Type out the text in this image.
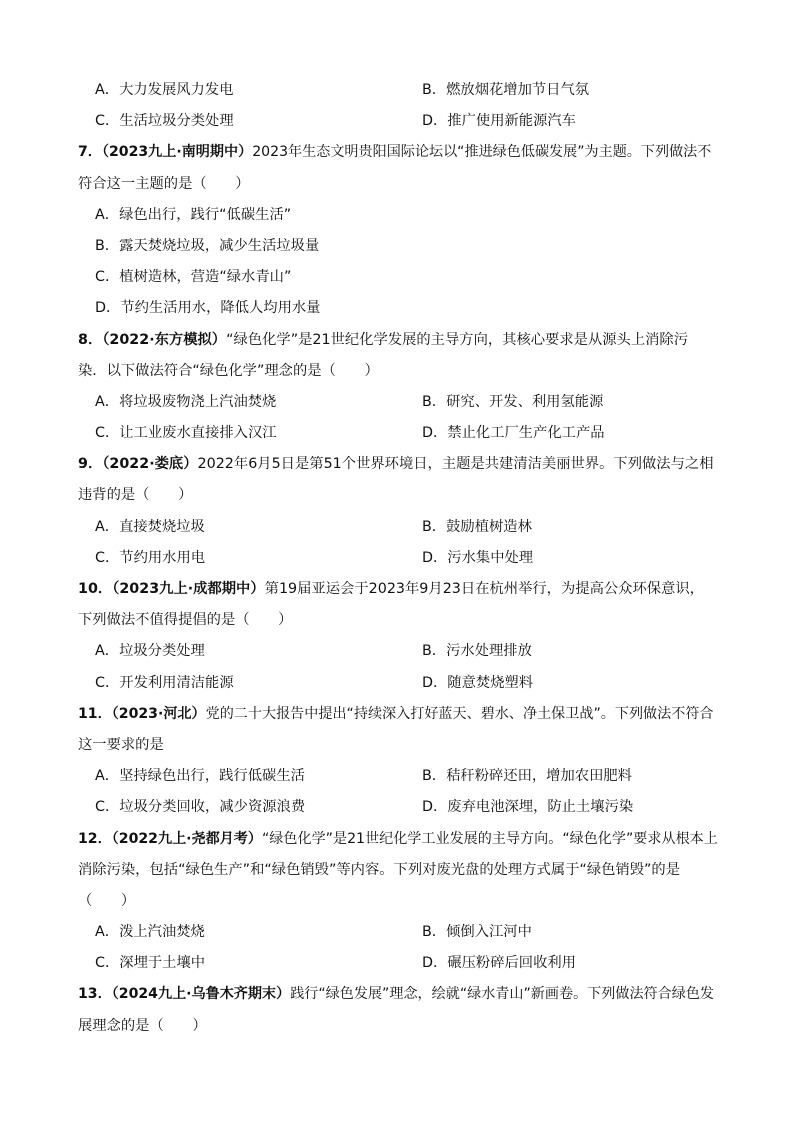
A．大力发展风力发电	B．燃放烟花增加节日气氛
C．生活垃圾分类处理	D．推广使用新能源汽车
7．（2023九上·南明期中）2023年生态文明贵阳国际论坛以“推进绿色低碳发展”为主题。下列做法不
符合这一主题的是（　　）
A．绿色出行，践行“低碳生活”
B．露天焚烧垃圾，减少生活垃圾量
C．植树造林，营造“绿水青山”
D．节约生活用水，降低人均用水量
8．（2022·东方模拟）“绿色化学”是21世纪化学发展的主导方向，其核心要求是从源头上消除污
染．以下做法符合“绿色化学”理念的是（　　）
A．将垃圾废物浇上汽油焚烧	B．研究、开发、利用氢能源
C．让工业废水直接排入汉江	D．禁止化工厂生产化工产品
9．（2022·娄底）2022年6月5日是第51个世界环境日，主题是共建清洁美丽世界。下列做法与之相
违背的是（　　）
A．直接焚烧垃圾	B．鼓励植树造林
C．节约用水用电	D．污水集中处理
10．（2023九上·成都期中）第19届亚运会于2023年9月23日在杭州举行，为提高公众环保意识，
下列做法不值得提倡的是（　　）
A．垃圾分类处理	B．污水处理排放
C．开发利用清洁能源	D．随意焚烧塑料
11．（2023·河北）党的二十大报告中提出“持续深入打好蓝天、碧水、净土保卫战”。下列做法不符合
这一要求的是
A．坚持绿色出行，践行低碳生活	B．秸秆粉碎还田，增加农田肥料
C．垃圾分类回收，减少资源浪费	D．废弃电池深埋，防止土壤污染
12．（2022九上·尧都月考）“绿色化学”是21世纪化学工业发展的主导方向。“绿色化学”要求从根本上
消除污染，包括“绿色生产”和“绿色销毁”等内容。下列对废光盘的处理方式属于“绿色销毁”的是
（　　）
A．泼上汽油焚烧	B．倾倒入江河中
C．深埋于土壤中	D．碾压粉碎后回收利用
13．（2024九上·乌鲁木齐期末）践行“绿色发展”理念，绘就“绿水青山”新画卷。下列做法符合绿色发
展理念的是（　　）
